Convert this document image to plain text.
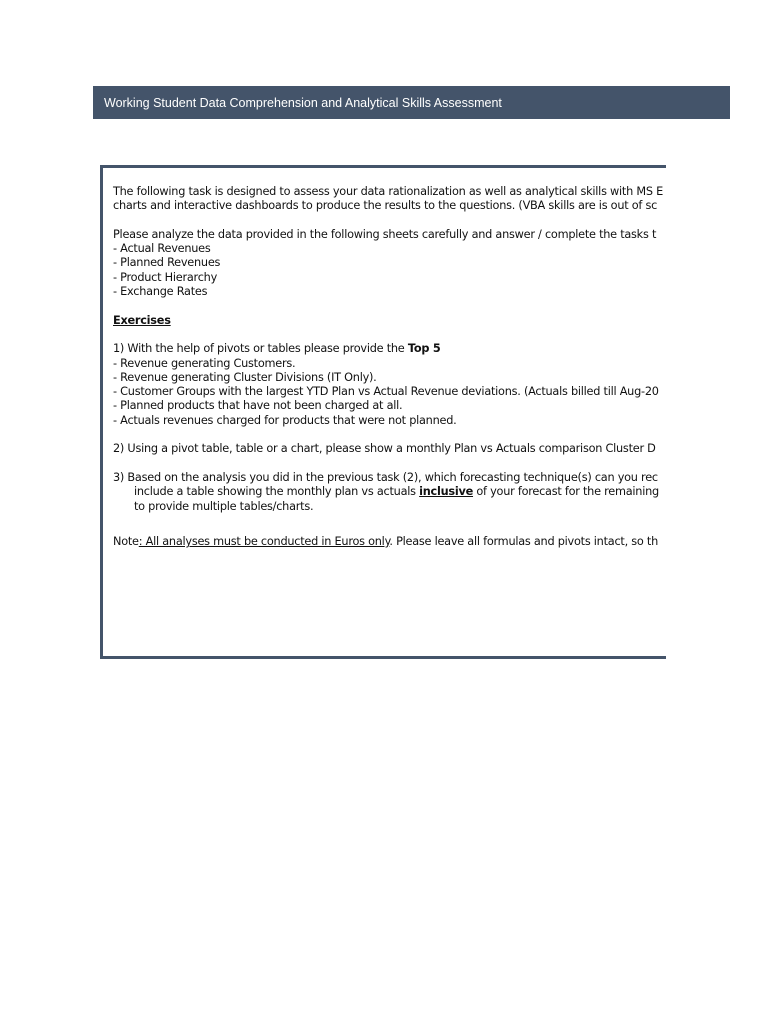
Working Student Data Comprehension and Analytical Skills Assessment
The following task is designed to assess your data rationalization as well as analytical skills with MS E
charts and interactive dashboards to produce the results to the questions. (VBA skills are is out of sc
Please analyze the data provided in the following sheets carefully and answer / complete the tasks t
- Actual Revenues
- Planned Revenues
- Product Hierarchy
- Exchange Rates
Exercises
1) With the help of pivots or tables please provide the Top 5
- Revenue generating Customers.
- Revenue generating Cluster Divisions (IT Only).
- Customer Groups with the largest YTD Plan vs Actual Revenue deviations. (Actuals billed till Aug-20
- Planned products that have not been charged at all.
- Actuals revenues charged for products that were not planned.
2) Using a pivot table, table or a chart, please show a monthly Plan vs Actuals comparison Cluster D
3) Based on the analysis you did in the previous task (2), which forecasting technique(s) can you rec
include a table showing the monthly plan vs actuals inclusive of your forecast for the remaining
to provide multiple tables/charts.
Note: All analyses must be conducted in Euros only. Please leave all formulas and pivots intact, so th
